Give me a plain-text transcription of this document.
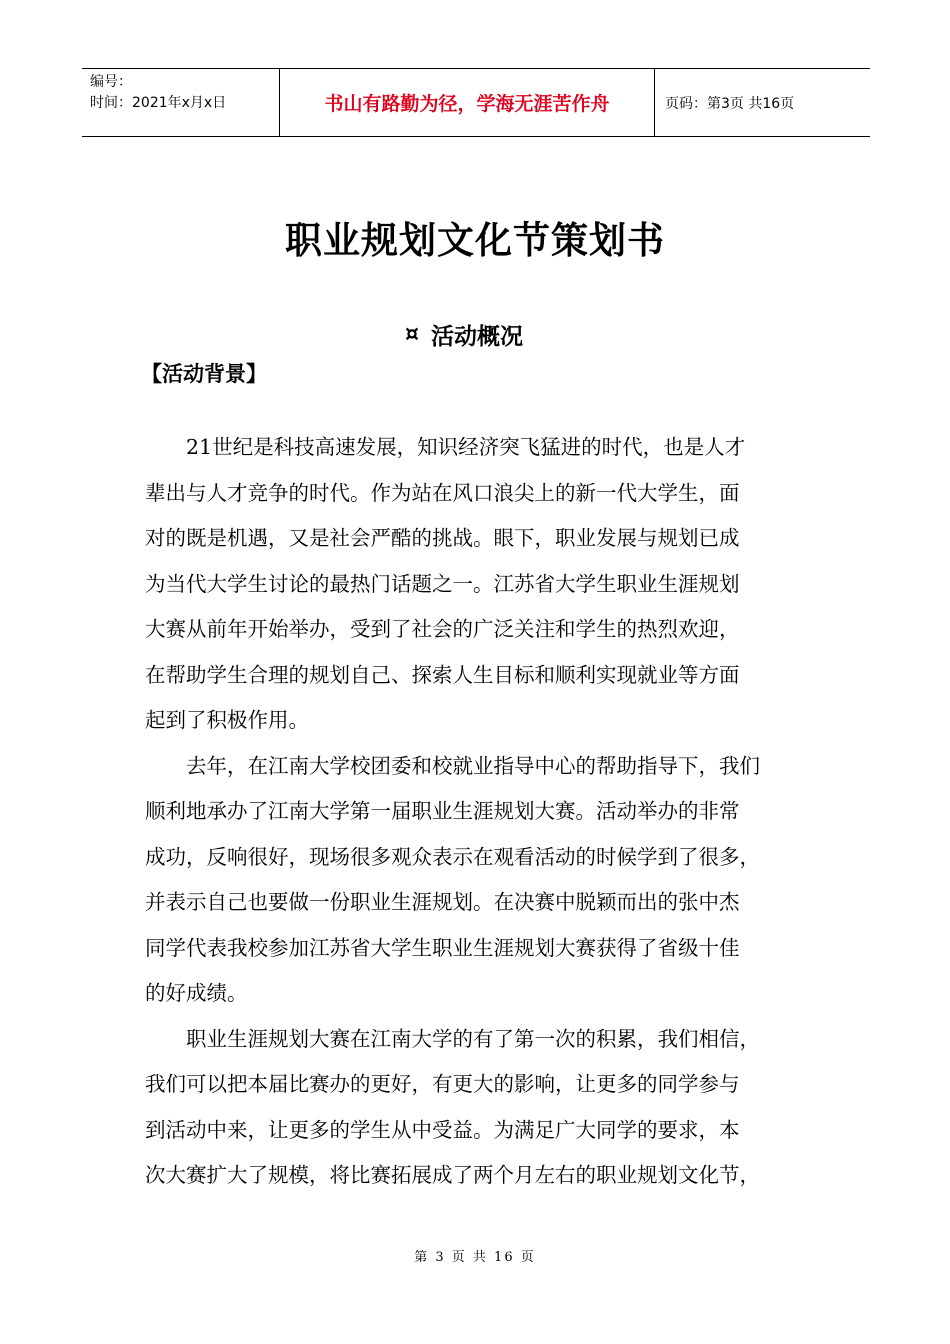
编号：
时间：2021年x月x日	书山有路勤为径，学海无涯苦作舟	页码：第3页 共16页
职业规划文化节策划书
¤ 活动概况
【活动背景】
　　21世纪是科技高速发展，知识经济突飞猛进的时代，也是人才
辈出与人才竞争的时代。作为站在风口浪尖上的新一代大学生，面
对的既是机遇，又是社会严酷的挑战。眼下，职业发展与规划已成
为当代大学生讨论的最热门话题之一。江苏省大学生职业生涯规划
大赛从前年开始举办，受到了社会的广泛关注和学生的热烈欢迎，
在帮助学生合理的规划自己、探索人生目标和顺利实现就业等方面
起到了积极作用。
　　去年，在江南大学校团委和校就业指导中心的帮助指导下，我们
顺利地承办了江南大学第一届职业生涯规划大赛。活动举办的非常
成功，反响很好，现场很多观众表示在观看活动的时候学到了很多，
并表示自己也要做一份职业生涯规划。在决赛中脱颖而出的张中杰
同学代表我校参加江苏省大学生职业生涯规划大赛获得了省级十佳
的好成绩。
　　职业生涯规划大赛在江南大学的有了第一次的积累，我们相信，
我们可以把本届比赛办的更好，有更大的影响，让更多的同学参与
到活动中来，让更多的学生从中受益。为满足广大同学的要求，本
次大赛扩大了规模，将比赛拓展成了两个月左右的职业规划文化节，
第 3 页 共 16 页
